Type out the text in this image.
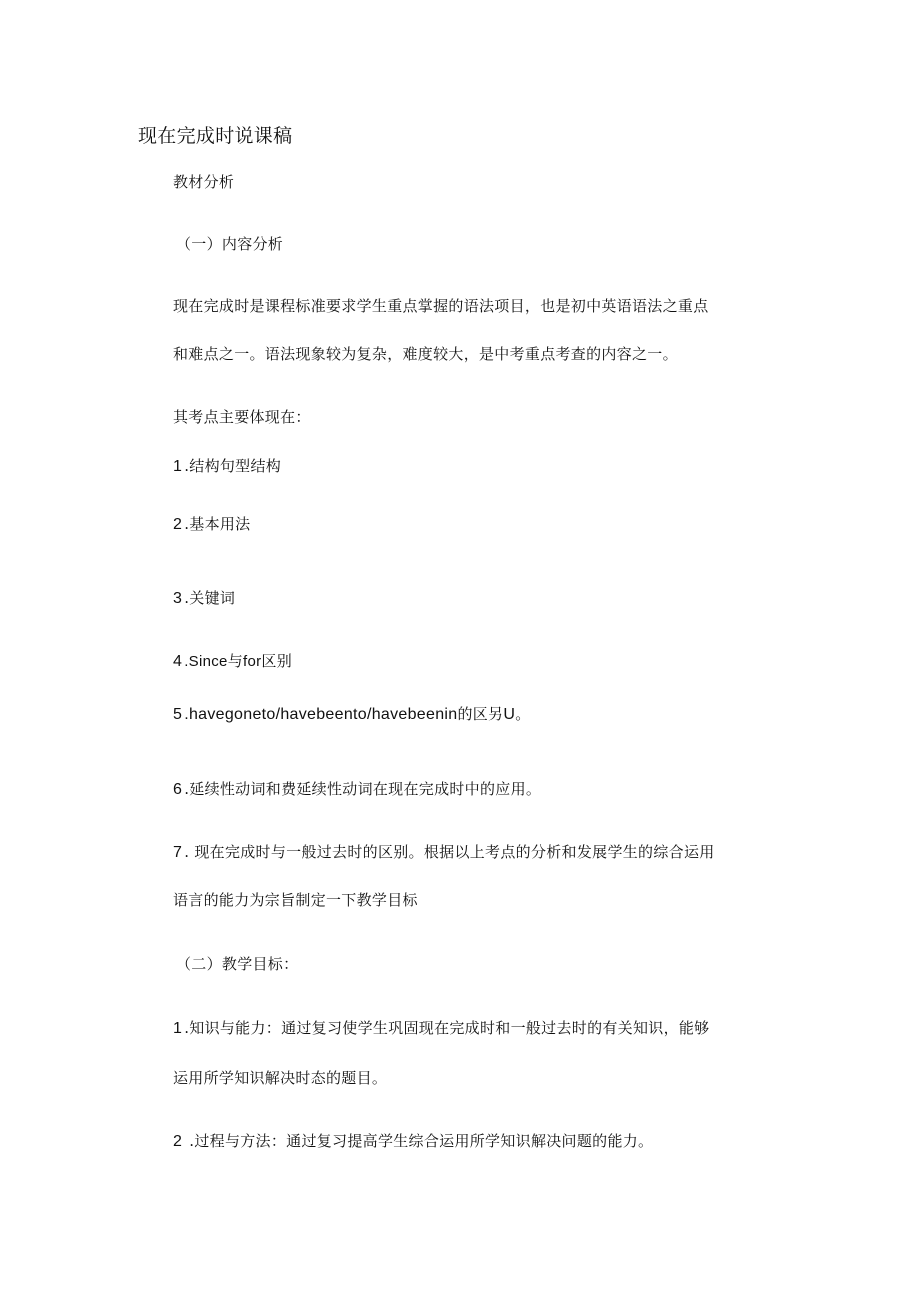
现在完成时说课稿
教材分析
（一）内容分析
现在完成时是课程标准要求学生重点掌握的语法项目，也是初中英语语法之重点
和难点之一。语法现象较为复杂，难度较大，是中考重点考查的内容之一。
其考点主要体现在：
1 .结构句型结构
2 .基本用法
3 .关键词
4 .Since与for区别
5 .havegoneto/havebeento/havebeenin的区另U。
6 .延续性动词和费延续性动词在现在完成时中的应用。
7 . 现在完成时与一般过去时的区别。根据以上考点的分析和发展学生的综合运用
语言的能力为宗旨制定一下教学目标
（二）教学目标：
1 .知识与能力：通过复习使学生巩固现在完成时和一般过去时的有关知识，能够
运用所学知识解决时态的题目。
2 .过程与方法：通过复习提高学生综合运用所学知识解决问题的能力。
